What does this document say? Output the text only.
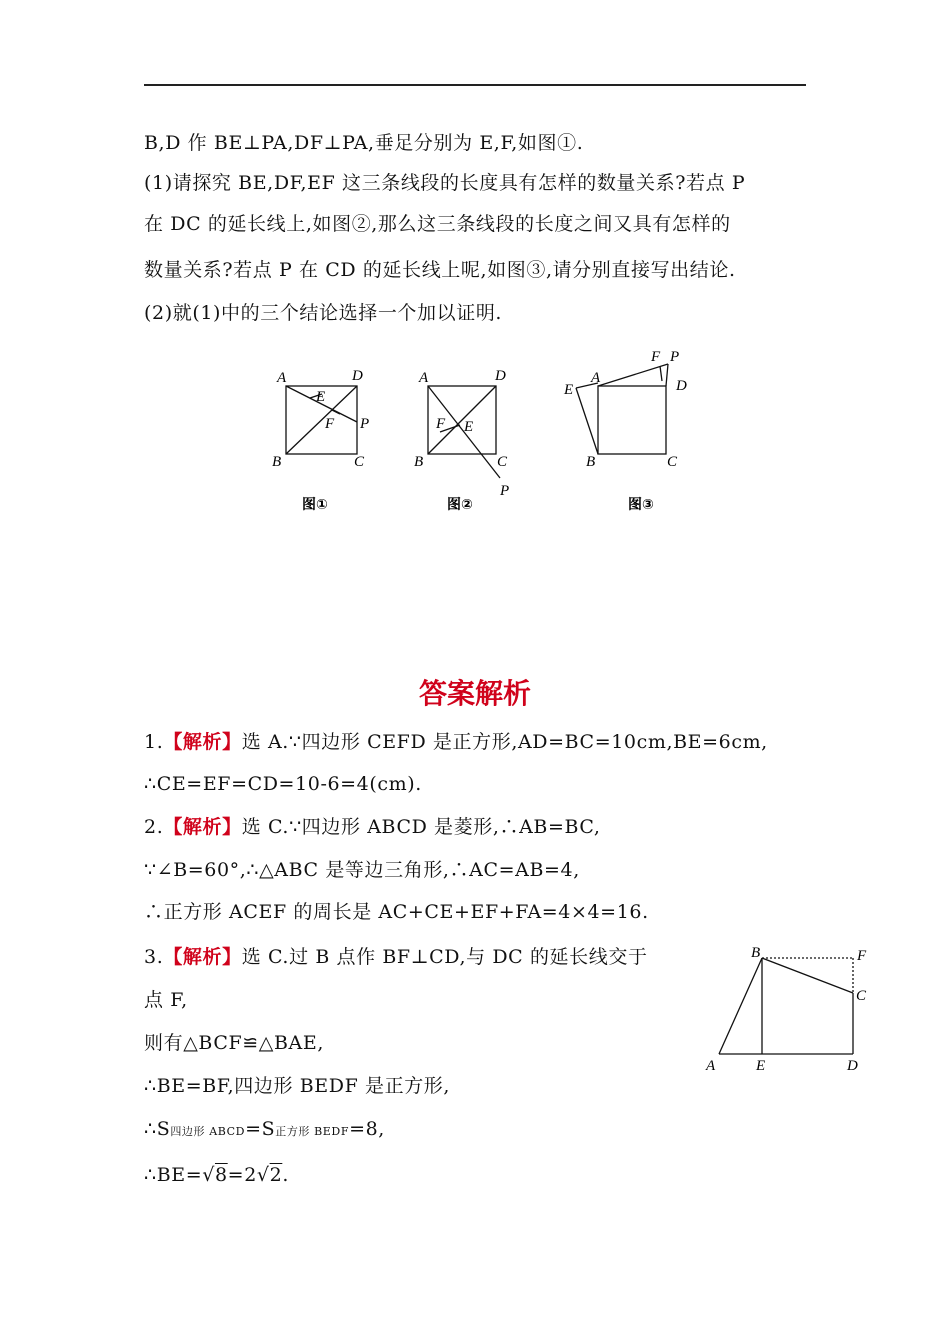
B,D 作 BE⊥PA,DF⊥PA,垂足分别为 E,F,如图①.
(1)请探究 BE,DF,EF 这三条线段的长度具有怎样的数量关系?若点 P
在 DC 的延长线上,如图②,那么这三条线段的长度之间又具有怎样的
数量关系?若点 P 在 CD 的延长线上呢,如图③,请分别直接写出结论.
(2)就(1)中的三个结论选择一个加以证明.
A	D
E
F P
B	C
图①
A	D
F E
B	C
P
图②
F P
A
E	D
B	C
图③
B	F
C
A	E	D
答案解析
1.【解析】选 A.∵四边形 CEFD 是正方形,AD=BC=10cm,BE=6cm,
∴CE=EF=CD=10-6=4(cm).
2.【解析】选 C.∵四边形 ABCD 是菱形,∴AB=BC,
∵∠B=60°,∴△ABC 是等边三角形,∴AC=AB=4,
∴正方形 ACEF 的周长是 AC+CE+EF+FA=4×4=16.
3.【解析】选 C.过 B 点作 BF⊥CD,与 DC 的延长线交于
点 F,
则有△BCF≌△BAE,
∴BE=BF,四边形 BEDF 是正方形,
∴S四边形 ABCD=S正方形 BEDF=8,
∴BE=√8=2√2.
